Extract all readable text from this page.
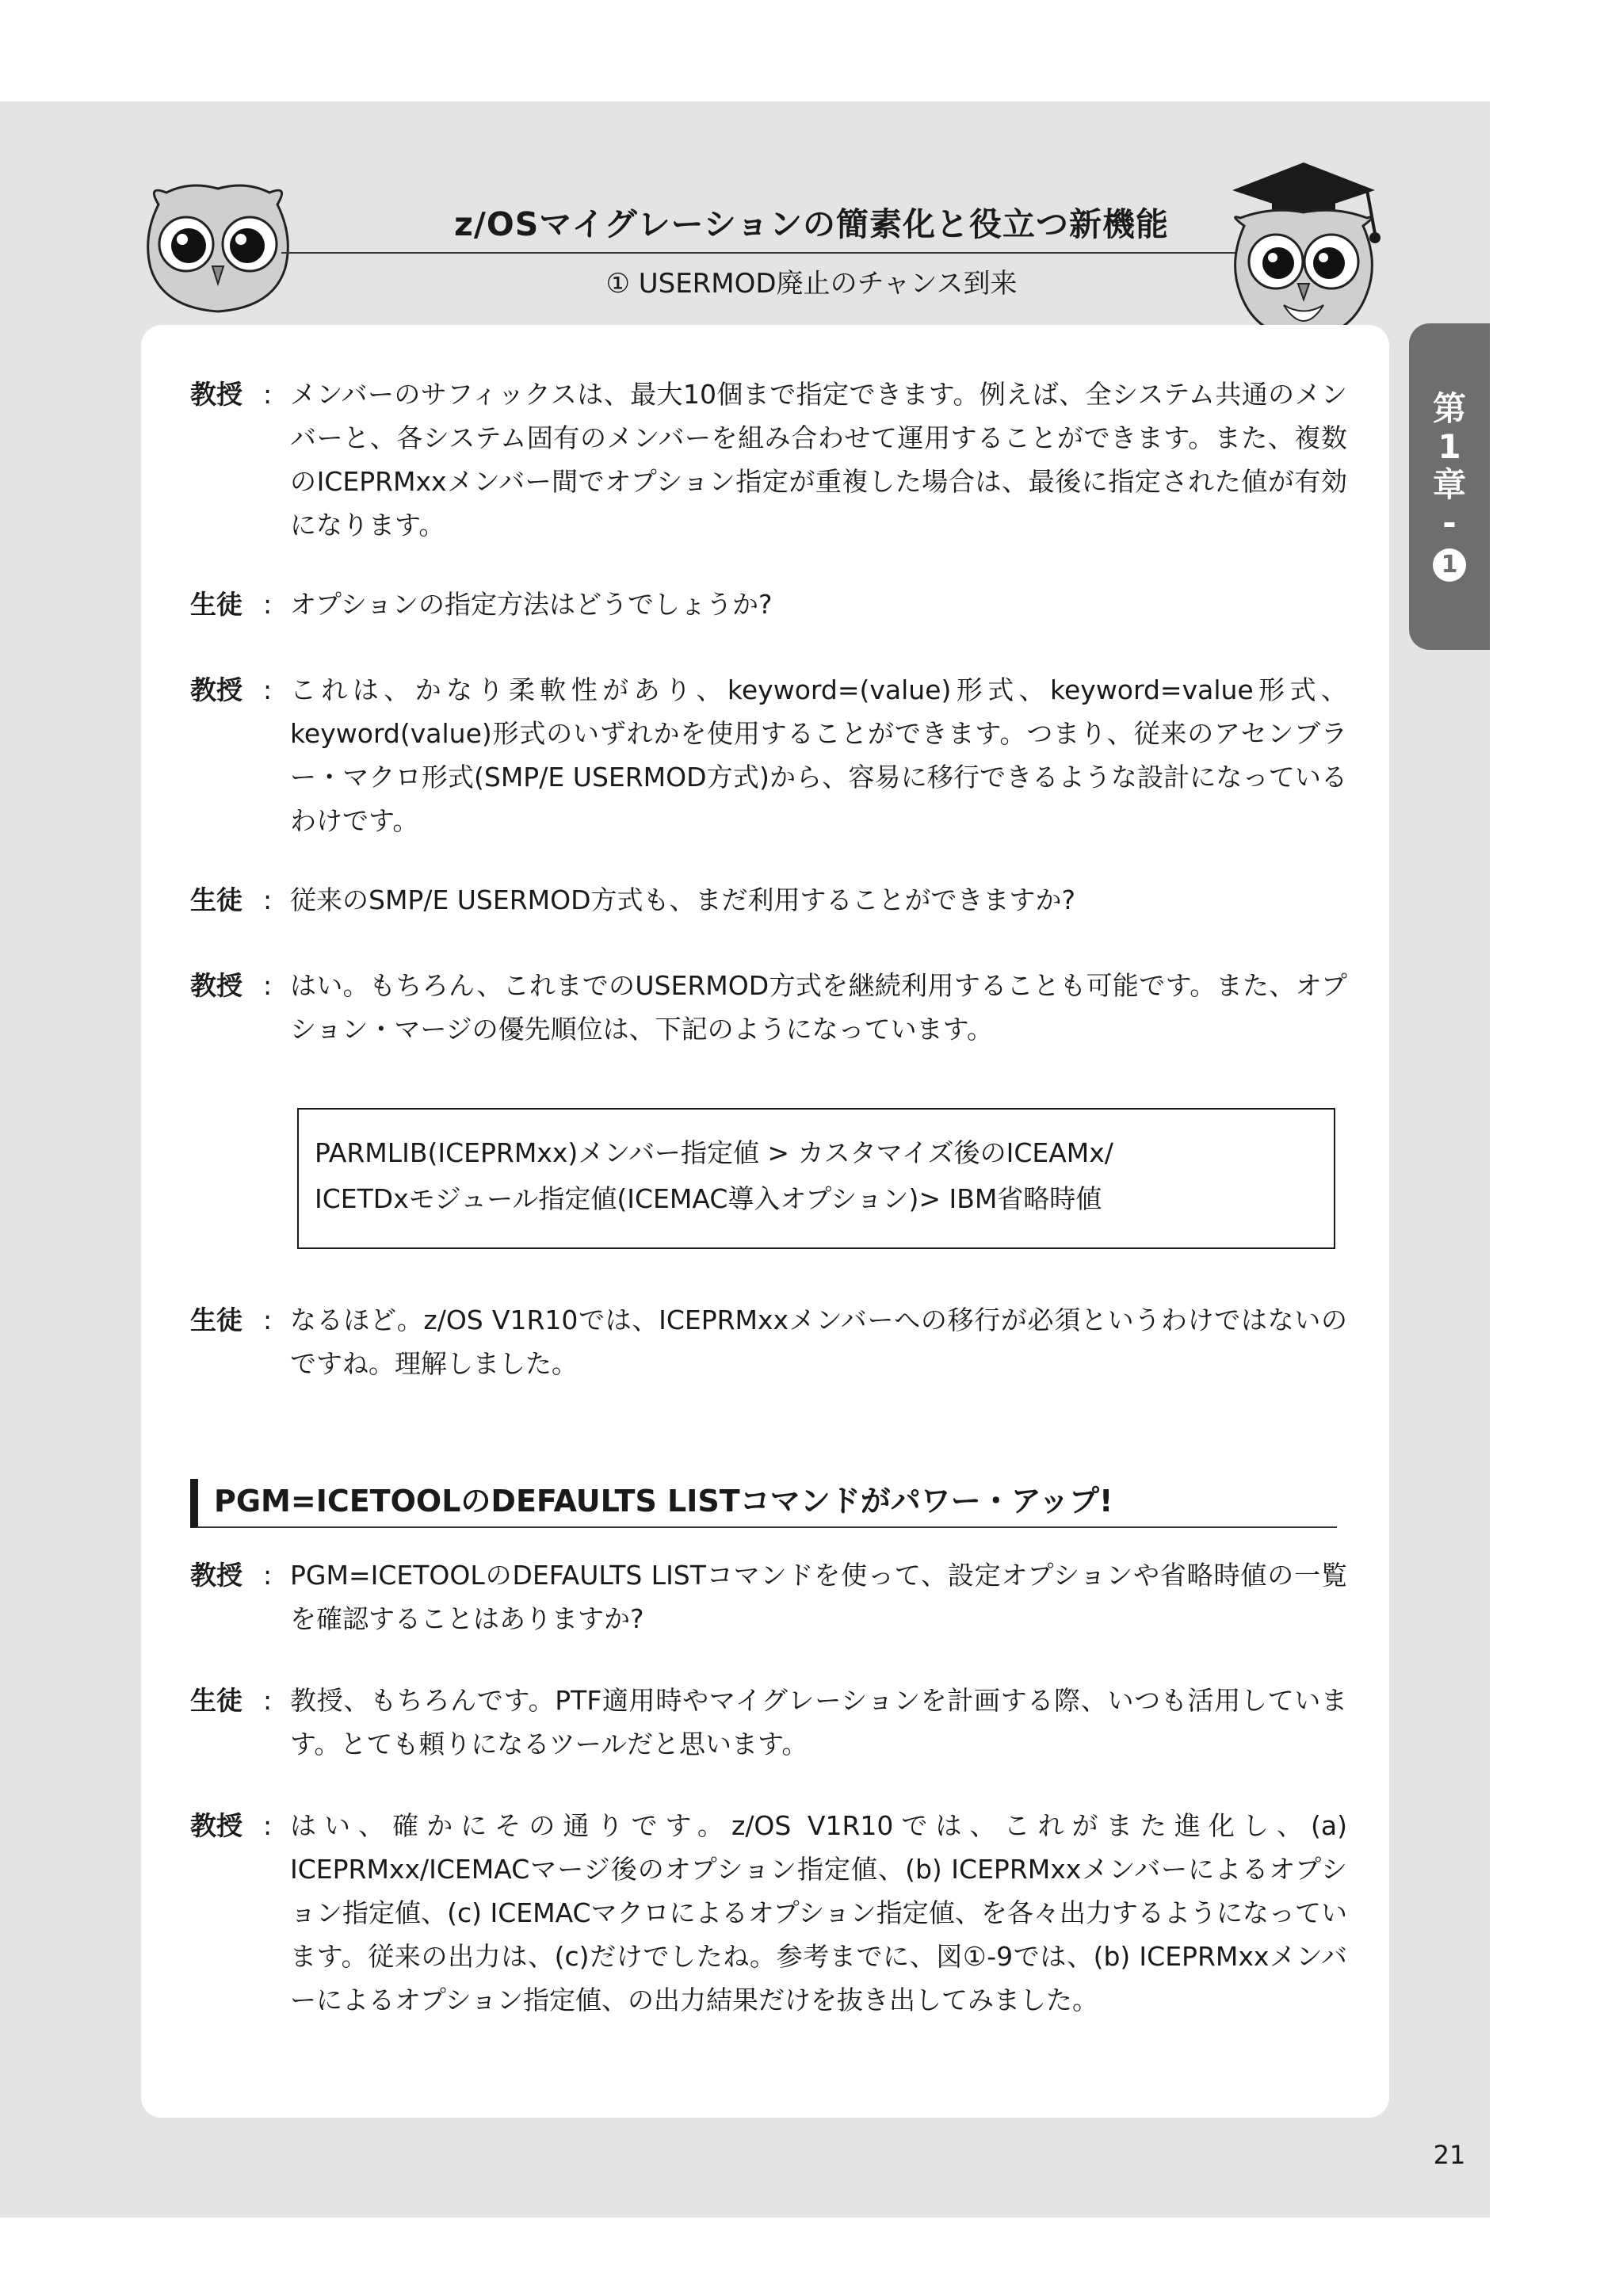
z/OSマイグレーションの簡素化と役立つ新機能
① USERMOD廃止のチャンス到来
第
1
章
-
1
教授 : メンバーのサフィックスは、最大10個まで指定できます。例えば、全システム共通のメンバーと、各システム固有のメンバーを組み合わせて運用することができます。また、複数のICEPRMxxメンバー間でオプション指定が重複した場合は、最後に指定された値が有効になります。
生徒 : オプションの指定方法はどうでしょうか?
教授 : これは、かなり柔軟性があり、keyword=(value)形式、keyword=value形式、keyword(value)形式のいずれかを使用することができます。つまり、従来のアセンブラー・マクロ形式(SMP/E USERMOD方式)から、容易に移行できるような設計になっているわけです。
生徒 : 従来のSMP/E USERMOD方式も、まだ利用することができますか?
教授 : はい。もちろん、これまでのUSERMOD方式を継続利用することも可能です。また、オプション・マージの優先順位は、下記のようになっています。
PARMLIB(ICEPRMxx)メンバー指定値 > カスタマイズ後のICEAMx/
ICETDxモジュール指定値(ICEMAC導入オプション)> IBM省略時値
生徒 : なるほど。z/OS V1R10では、ICEPRMxxメンバーへの移行が必須というわけではないのですね。理解しました。
PGM=ICETOOLのDEFAULTS LISTコマンドがパワー・アップ!
教授 : PGM=ICETOOLのDEFAULTS LISTコマンドを使って、設定オプションや省略時値の一覧を確認することはありますか?
生徒 : 教授、もちろんです。PTF適用時やマイグレーションを計画する際、いつも活用しています。とても頼りになるツールだと思います。
教授 : はい、確かにその通りです。z/OS V1R10では、これがまた進化し、(a) ICEPRMxx/ICEMACマージ後のオプション指定値、(b) ICEPRMxxメンバーによるオプション指定値、(c) ICEMACマクロによるオプション指定値、を各々出力するようになっています。従来の出力は、(c)だけでしたね。参考までに、図①-9では、(b) ICEPRMxxメンバーによるオプション指定値、の出力結果だけを抜き出してみました。
21
